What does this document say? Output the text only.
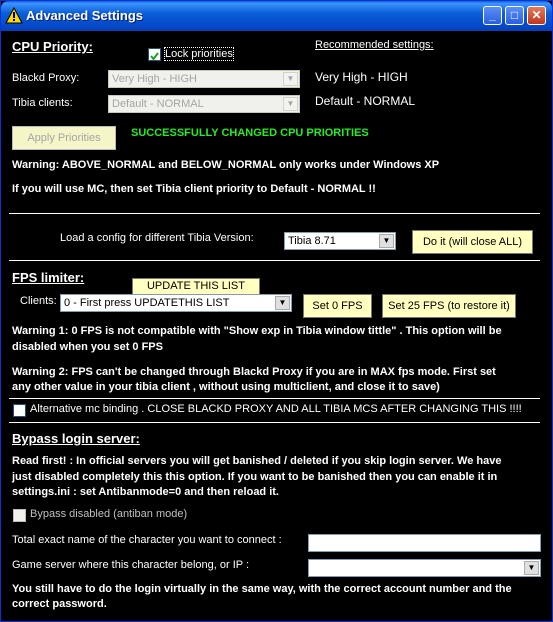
Advanced Settings	_	□	✕
CPU Priority:	Lock priorities
Recommended settings:
Blackd Proxy:	Very High - HIGH	▼ Very High - HIGH
Tibia clients:	Default - NORMAL	▼ Default - NORMAL
Apply Priorities	SUCCESSFULLY CHANGED CPU PRIORITIES
Warning: ABOVE_NORMAL and BELOW_NORMAL only works under Windows XP
If you will use MC, then set Tibia client priority to Default - NORMAL !!
Load a config for different Tibia Version:	Tibia 8.71	▼	Do it (will close ALL)
FPS limiter:
UPDATE THIS LIST
Clients: 0 - First press UPDATETHIS LIST	▼	Set 0 FPS	Set 25 FPS (to restore it)
Warning 1: 0 FPS is not compatible with "Show exp in Tibia window tittle" . This option will be
disabled when you set 0 FPS
Warning 2: FPS can't be changed through Blackd Proxy if you are in MAX fps mode. First set
any other value in your tibia client , without using multiclient, and close it to save)
Alternative mc binding . CLOSE BLACKD PROXY AND ALL TIBIA MCS AFTER CHANGING THIS !!!!
Bypass login server:
Read first! : In official servers you will get banished / deleted if you skip login server. We have
just disabled completely this this option. If you want to be banished then you can enable it in
settings.ini : set Antibanmode=0 and then reload it.
Bypass disabled (antiban mode)
Total exact name of the character you want to connect :
Game server where this character belong, or IP :	▼
You still have to do the login virtually in the same way, with the correct account number and the
correct password.
